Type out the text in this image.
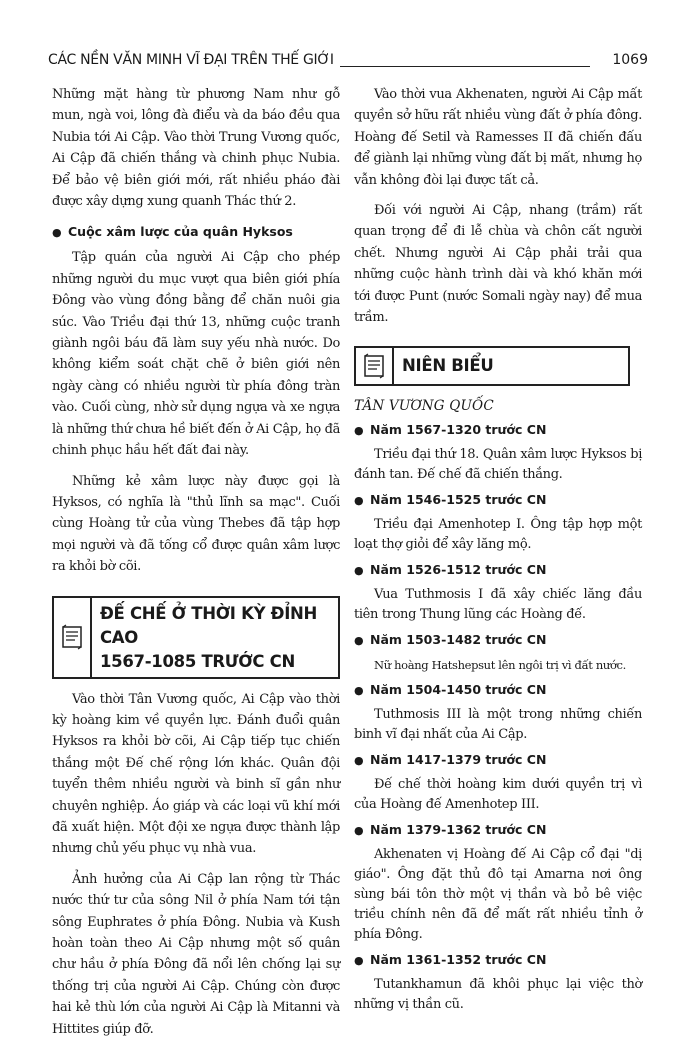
CÁC NỀN VĂN MINH VĨ ĐẠI TRÊN THẾ GIỚI	1069

Những mặt hàng từ phương Nam như gỗ mun, ngà voi, lông đà điểu và da báo đều qua Nubia tới Ai Cập. Vào thời Trung Vương quốc, Ai Cập đã chiến thắng và chinh phục Nubia. Để bảo vệ biên giới mới, rất nhiều pháo đài được xây dựng xung quanh Thác thứ 2.

● Cuộc xâm lược của quân Hyksos

Tập quán của người Ai Cập cho phép những người du mục vượt qua biên giới phía Đông vào vùng đồng bằng để chăn nuôi gia súc. Vào Triều đại thứ 13, những cuộc tranh giành ngôi báu đã làm suy yếu nhà nước. Do không kiểm soát chặt chẽ ở biên giới nên ngày càng có nhiều người từ phía đông tràn vào. Cuối cùng, nhờ sử dụng ngựa và xe ngựa là những thứ chưa hề biết đến ở Ai Cập, họ đã chinh phục hầu hết đất đai này.

Những kẻ xâm lược này được gọi là Hyksos, có nghĩa là "thủ lĩnh sa mạc". Cuối cùng Hoàng tử của vùng Thebes đã tập hợp mọi người và đã tống cổ được quân xâm lược ra khỏi bờ cõi.

ĐẾ CHẾ Ở THỜI KỲ ĐỈNH CAO
1567-1085 TRƯỚC CN

Vào thời Tân Vương quốc, Ai Cập vào thời kỳ hoàng kim về quyền lực. Đánh đuổi quân Hyksos ra khỏi bờ cõi, Ai Cập tiếp tục chiến thắng một Đế chế rộng lớn khác. Quân đội tuyển thêm nhiều người và binh sĩ gần như chuyên nghiệp. Áo giáp và các loại vũ khí mới đã xuất hiện. Một đội xe ngựa được thành lập nhưng chủ yếu phục vụ nhà vua.

Ảnh hưởng của Ai Cập lan rộng từ Thác nước thứ tư của sông Nil ở phía Nam tới tận sông Euphrates ở phía Đông. Nubia và Kush hoàn toàn theo Ai Cập nhưng một số quân chư hầu ở phía Đông đã nổi lên chống lại sự thống trị của người Ai Cập. Chúng còn được hai kẻ thù lớn của người Ai Cập là Mitanni và Hittites giúp đỡ.

Vào thời vua Akhenaten, người Ai Cập mất quyền sở hữu rất nhiều vùng đất ở phía đông. Hoàng đế Setil và Ramesses II đã chiến đấu để giành lại những vùng đất bị mất, nhưng họ vẫn không đòi lại được tất cả.

Đối với người Ai Cập, nhang (trầm) rất quan trọng để đi lễ chùa và chôn cất người chết. Nhưng người Ai Cập phải trải qua những cuộc hành trình dài và khó khăn mới tới được Punt (nước Somali ngày nay) để mua trầm.

NIÊN BIỂU
TÂN VƯƠNG QUỐC
● Năm 1567-1320 trước CN
Triều đại thứ 18. Quân xâm lược Hyksos bị đánh tan. Đế chế đã chiến thắng.
● Năm 1546-1525 trước CN
Triều đại Amenhotep I. Ông tập hợp một loạt thợ giỏi để xây lăng mộ.
● Năm 1526-1512 trước CN
Vua Tuthmosis I đã xây chiếc lăng đầu tiên trong Thung lũng các Hoàng đế.
● Năm 1503-1482 trước CN
Nữ hoàng Hatshepsut lên ngôi trị vì đất nước.
● Năm 1504-1450 trước CN
Tuthmosis III là một trong những chiến binh vĩ đại nhất của Ai Cập.
● Năm 1417-1379 trước CN
Đế chế thời hoàng kim dưới quyền trị vì của Hoàng đế Amenhotep III.
● Năm 1379-1362 trước CN
Akhenaten vị Hoàng đế Ai Cập cổ đại "dị giáo". Ông đặt thủ đô tại Amarna nơi ông sùng bái tôn thờ một vị thần và bỏ bê việc triều chính nên đã để mất rất nhiều tỉnh ở phía Đông.
● Năm 1361-1352 trước CN
Tutankhamun đã khôi phục lại việc thờ những vị thần cũ.
